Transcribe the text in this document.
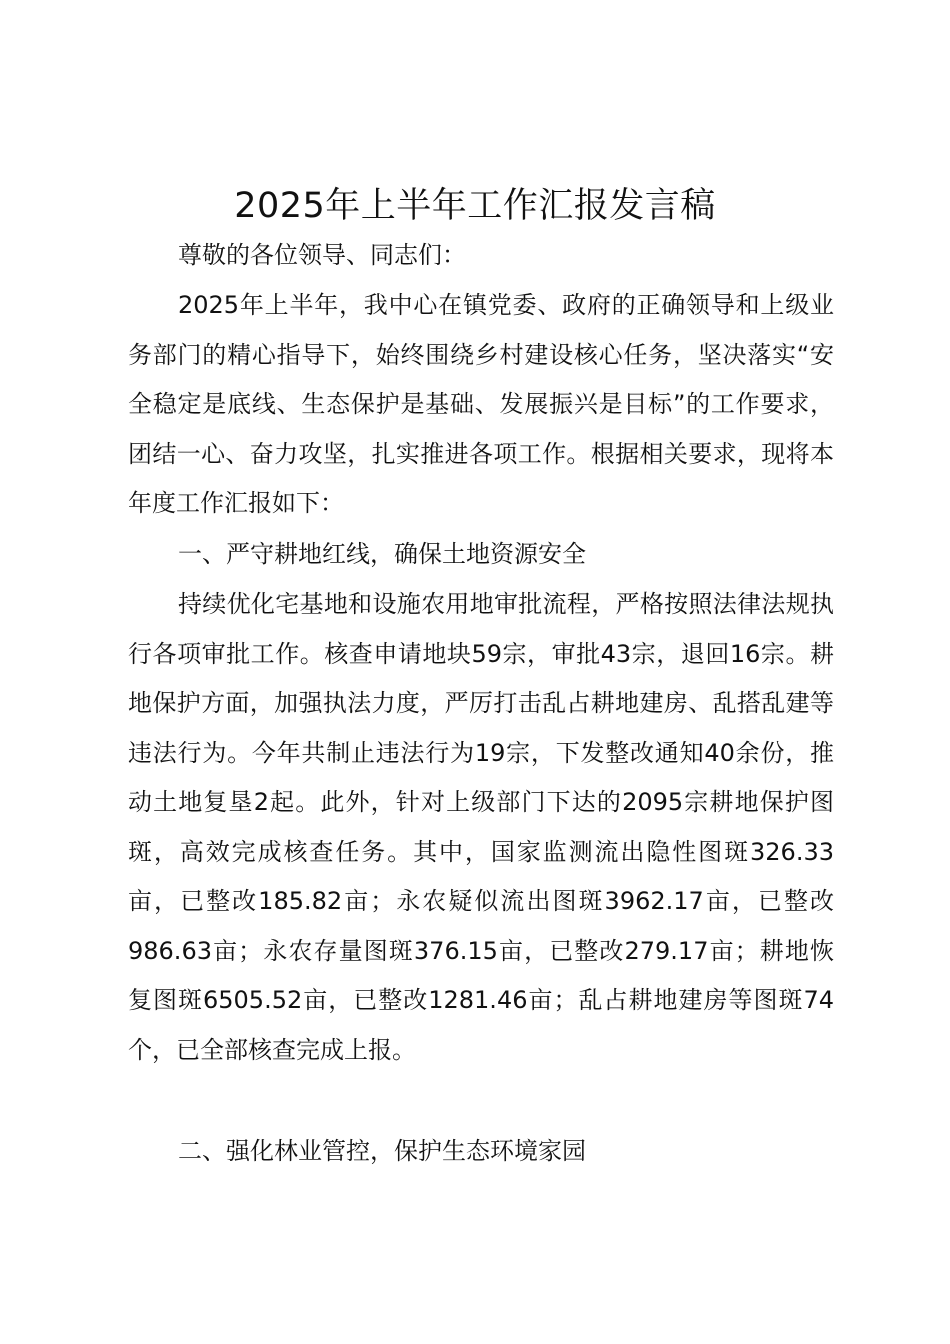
2025年上半年工作汇报发言稿

尊敬的各位领导、同志们：

2025年上半年，我中心在镇党委、政府的正确领导和上级业务部门的精心指导下，始终围绕乡村建设核心任务，坚决落实“安全稳定是底线、生态保护是基础、发展振兴是目标”的工作要求，团结一心、奋力攻坚，扎实推进各项工作。根据相关要求，现将本年度工作汇报如下：

一、严守耕地红线，确保土地资源安全

持续优化宅基地和设施农用地审批流程，严格按照法律法规执行各项审批工作。核查申请地块59宗，审批43宗，退回16宗。耕地保护方面，加强执法力度，严厉打击乱占耕地建房、乱搭乱建等违法行为。今年共制止违法行为19宗，下发整改通知40余份，推动土地复垦2起。此外，针对上级部门下达的2095宗耕地保护图斑，高效完成核查任务。其中，国家监测流出隐性图斑326.33亩，已整改185.82亩；永农疑似流出图斑3962.17亩，已整改986.63亩；永农存量图斑376.15亩，已整改279.17亩；耕地恢复图斑6505.52亩，已整改1281.46亩；乱占耕地建房等图斑74个，已全部核查完成上报。

二、强化林业管控，保护生态环境家园
